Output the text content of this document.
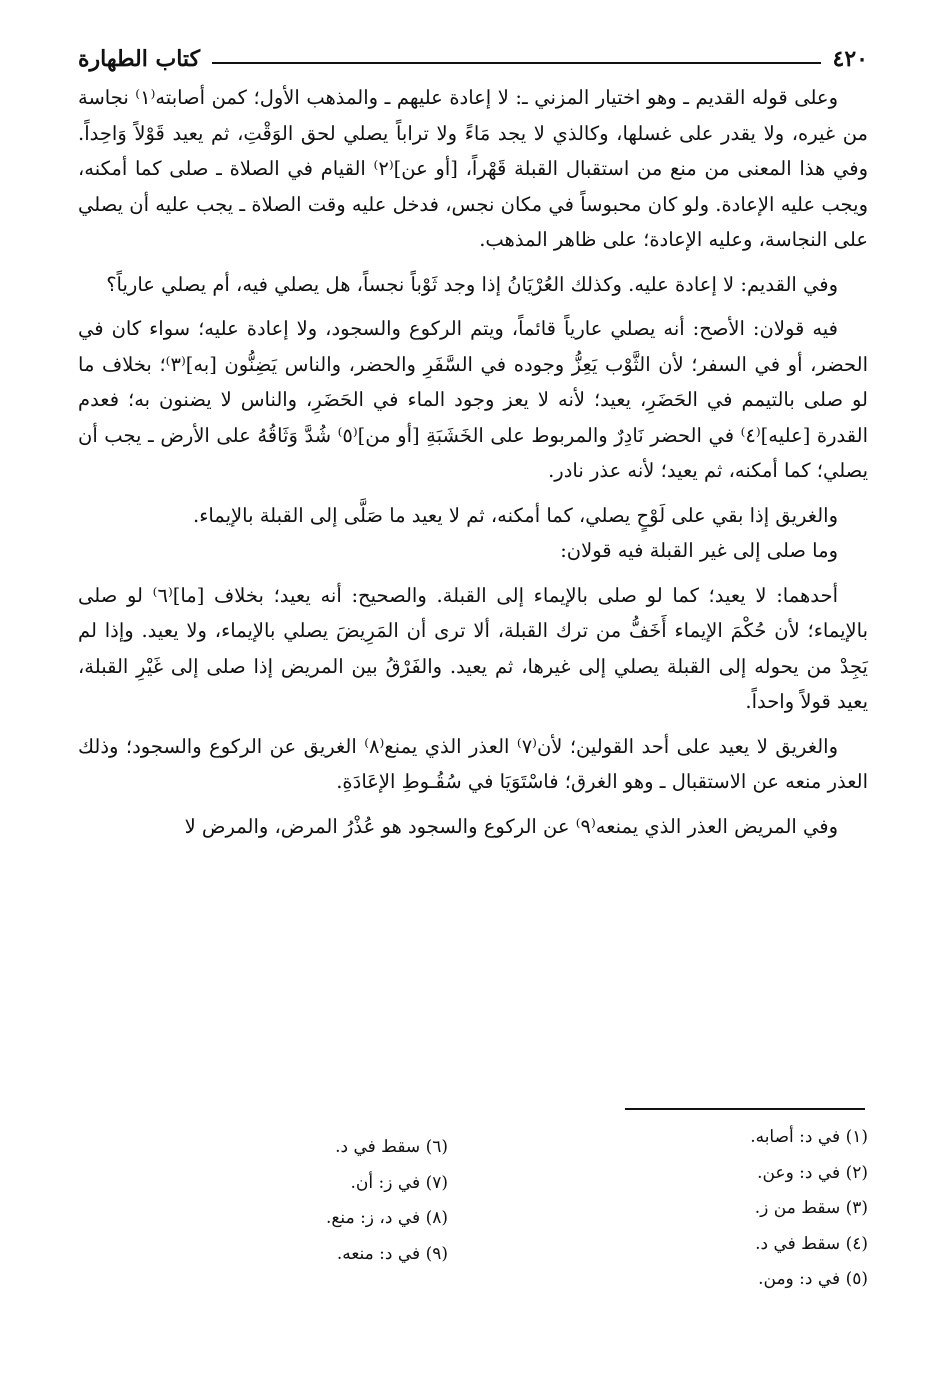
٤٢٠
كتاب الطهارة

وعلى قوله القديم ـ وهو اختيار المزني ـ: لا إعادة عليهم ـ والمذهب الأول؛ كمن أصابته⁽١⁾ نجاسة من غيره، ولا يقدر على غسلها، وكالذي لا يجد مَاءً ولا تراباً يصلي لحق الوَقْتِ، ثم يعيد قَوْلاً وَاحِداً. وفي هذا المعنى من منع من استقبال القبلة قَهْراً، [أو عن]⁽٢⁾ القيام في الصلاة ـ صلى كما أمكنه، ويجب عليه الإعادة. ولو كان محبوساً في مكان نجس، فدخل عليه وقت الصلاة ـ يجب عليه أن يصلي على النجاسة، وعليه الإعادة؛ على ظاهر المذهب.

وفي القديم: لا إعادة عليه. وكذلك العُرْيَانُ إذا وجد ثَوْباً نجساً، هل يصلي فيه، أم يصلي عارياً؟

فيه قولان: الأصح: أنه يصلي عارياً قائماً، ويتم الركوع والسجود، ولا إعادة عليه؛ سواء كان في الحضر، أو في السفر؛ لأن الثَّوْب يَعِزُّ وجوده في السَّفَرِ والحضر، والناس يَضِنُّون [به]⁽٣⁾؛ بخلاف ما لو صلى بالتيمم في الحَضَرِ، يعيد؛ لأنه لا يعز وجود الماء في الحَضَرِ، والناس لا يضنون به؛ فعدم القدرة [عليه]⁽٤⁾ في الحضر نَادِرٌ والمربوط على الخَشَبَةِ [أو من]⁽٥⁾ شُدَّ وَثَاقُهُ على الأرض ـ يجب أن يصلي؛ كما أمكنه، ثم يعيد؛ لأنه عذر نادر.

والغريق إذا بقي على لَوْحٍ يصلي، كما أمكنه، ثم لا يعيد ما صَلَّى إلى القبلة بالإيماء.

وما صلى إلى غير القبلة فيه قولان:

أحدهما: لا يعيد؛ كما لو صلى بالإيماء إلى القبلة. والصحيح: أنه يعيد؛ بخلاف [ما]⁽٦⁾ لو صلى بالإيماء؛ لأن حُكْمَ الإيماء أَخَفُّ من ترك القبلة، ألا ترى أن المَرِيضَ يصلي بالإيماء، ولا يعيد. وإذا لم يَجِدْ من يحوله إلى القبلة يصلي إلى غيرها، ثم يعيد. والفَرْقُ بين المريض إذا صلى إلى غَيْرِ القبلة، يعيد قولاً واحداً.

والغريق لا يعيد على أحد القولين؛ لأن⁽٧⁾ العذر الذي يمنع⁽٨⁾ الغريق عن الركوع والسجود؛ وذلك العذر منعه عن الاستقبال ـ وهو الغرق؛ فاسْتَوَيَا في سُقُـوطِ الإعَادَةِ.

وفي المريض العذر الذي يمنعه⁽٩⁾ عن الركوع والسجود هو عُذْرُ المرض، والمرض لا

(١) في د: أصابه.
(٢) في د: وعن.
(٣) سقط من ز.
(٤) سقط في د.
(٥) في د: ومن.
(٦) سقط في د.
(٧) في ز: أن.
(٨) في د، ز: منع.
(٩) في د: منعه.
